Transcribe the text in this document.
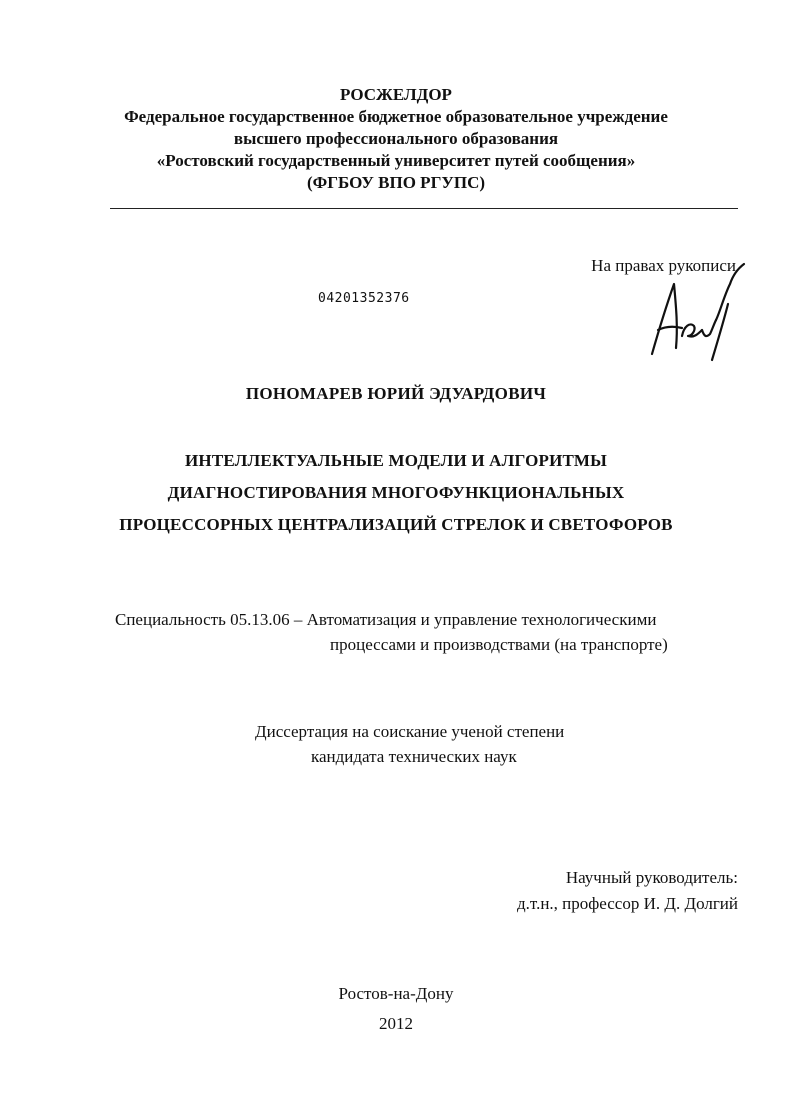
РОСЖЕЛДОР
Федеральное государственное бюджетное образовательное учреждение
высшего профессионального образования
«Ростовский государственный университет путей сообщения»
(ФГБОУ ВПО РГУПС)
На правах рукописи
04201352376
ПОНОМАРЕВ ЮРИЙ ЭДУАРДОВИЧ
ИНТЕЛЛЕКТУАЛЬНЫЕ МОДЕЛИ И АЛГОРИТМЫ
ДИАГНОСТИРОВАНИЯ МНОГОФУНКЦИОНАЛЬНЫХ
ПРОЦЕССОРНЫХ ЦЕНТРАЛИЗАЦИЙ СТРЕЛОК И СВЕТОФОРОВ
Специальность 05.13.06 – Автоматизация и управление технологическими
процессами и производствами (на транспорте)
Диссертация на соискание ученой степени
кандидата технических наук
Научный руководитель:
д.т.н., профессор И. Д. Долгий
Ростов-на-Дону
2012
